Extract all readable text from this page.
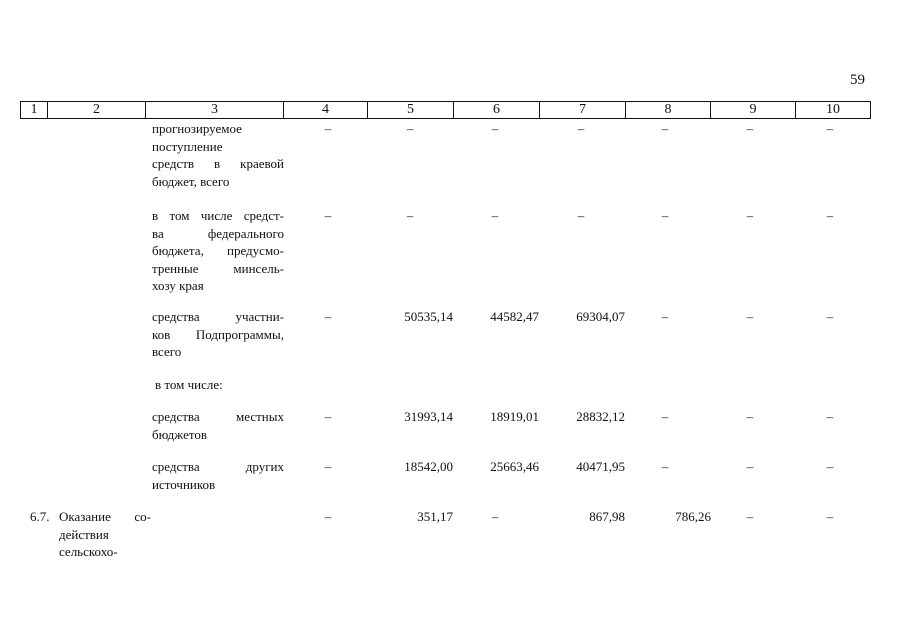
59
1	2	3	4	5	6	7	8	9	10
прогнозируемое
поступление
средств в краевой
бюджет, всего
–	–	–	–	–	–	–
в том числе средст-
ва федерального
бюджета, предусмо-
тренные минсель-
хозу края
–	–	–	–	–	–	–
средства участни-
ков Подпрограммы,
всего
–	50535,14	44582,47	69304,07	–	–	–
в том числе:
средства местных
бюджетов
–	31993,14	18919,01	28832,12	–	–	–
средства других
источников
–	18542,00	25663,46	40471,95	–	–	–
6.7. Оказание со-
действия
сельскохо-
–	351,17	–	867,98	786,26	–	–
